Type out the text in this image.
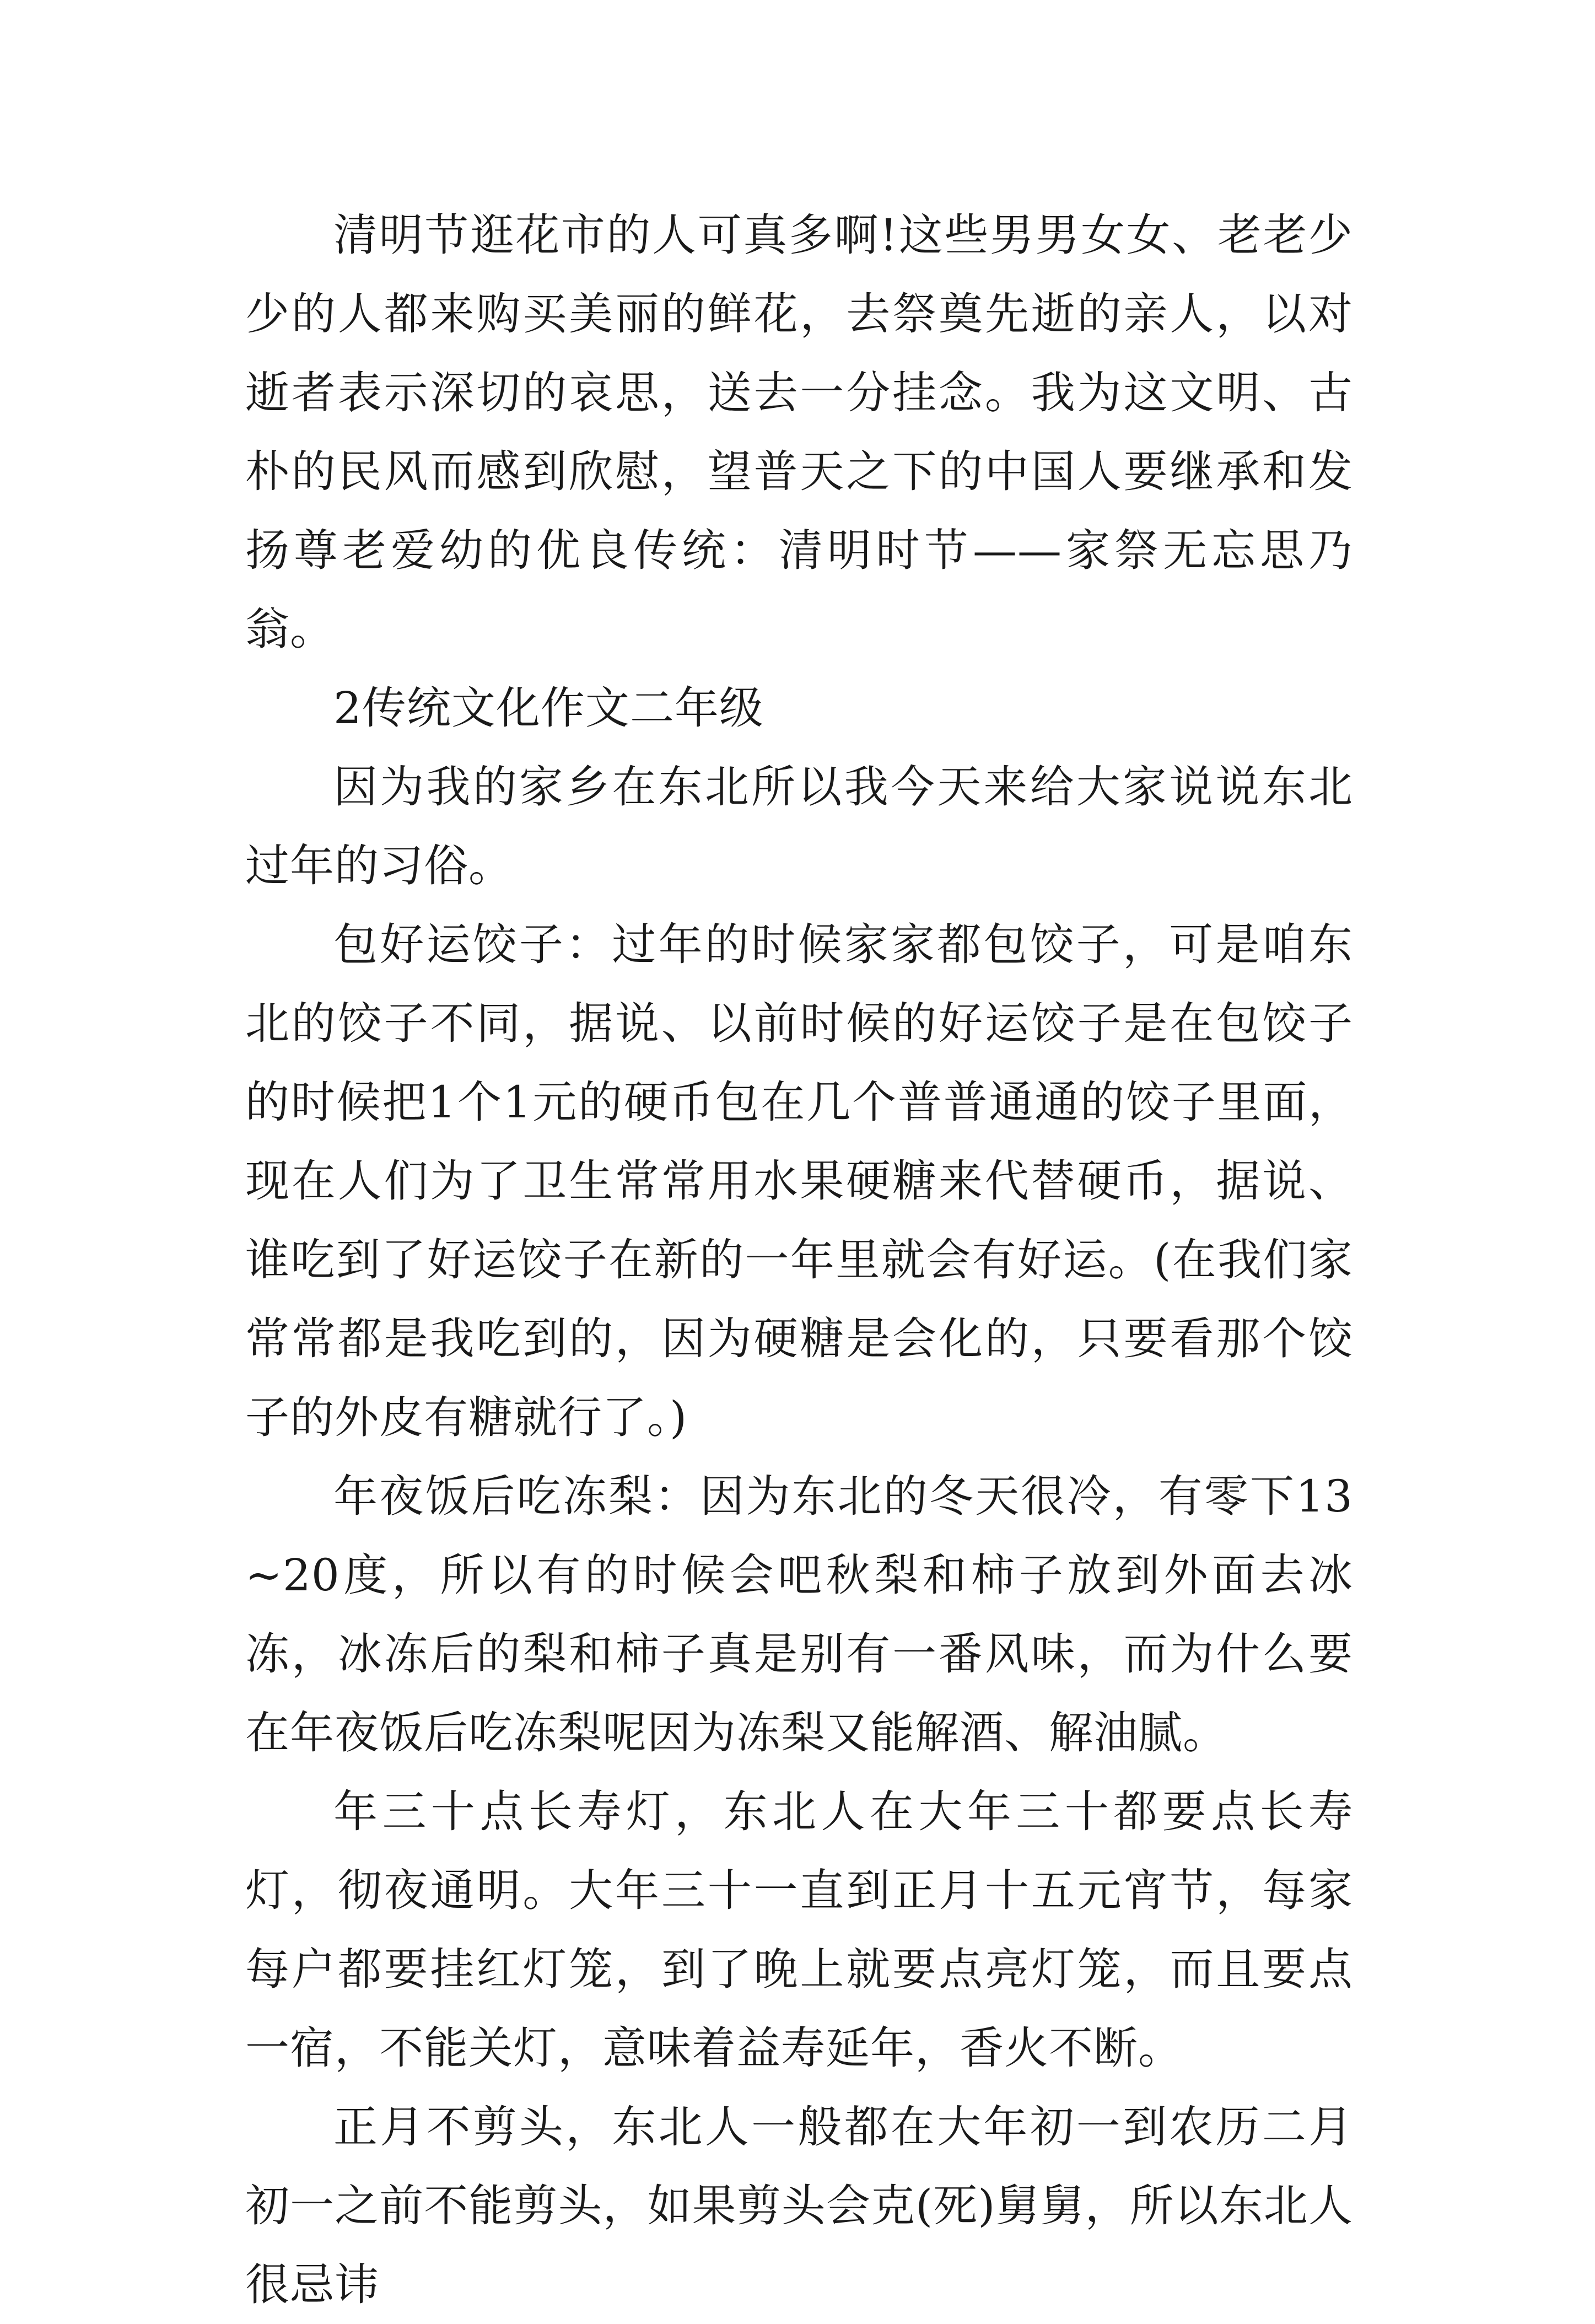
清明节逛花市的人可真多啊!这些男男女女、老老少少的人都来购买美丽的鲜花，去祭奠先逝的亲人，以对逝者表示深切的哀思，送去一分挂念。我为这文明、古朴的民风而感到欣慰，望普天之下的中国人要继承和发扬尊老爱幼的优良传统：清明时节——家祭无忘思乃翁。

2传统文化作文二年级

因为我的家乡在东北所以我今天来给大家说说东北过年的习俗。

包好运饺子：过年的时候家家都包饺子，可是咱东北的饺子不同，据说、以前时候的好运饺子是在包饺子的时候把1个1元的硬币包在几个普普通通的饺子里面，现在人们为了卫生常常用水果硬糖来代替硬币，据说、谁吃到了好运饺子在新的一年里就会有好运。(在我们家常常都是我吃到的，因为硬糖是会化的，只要看那个饺子的外皮有糖就行了。)

年夜饭后吃冻梨：因为东北的冬天很冷，有零下13~20度，所以有的时候会吧秋梨和柿子放到外面去冰冻，冰冻后的梨和柿子真是别有一番风味，而为什么要在年夜饭后吃冻梨呢因为冻梨又能解酒、解油腻。

年三十点长寿灯，东北人在大年三十都要点长寿灯，彻夜通明。大年三十一直到正月十五元宵节，每家每户都要挂红灯笼，到了晚上就要点亮灯笼，而且要点一宿，不能关灯，意味着益寿延年，香火不断。

正月不剪头，东北人一般都在大年初一到农历二月初一之前不能剪头，如果剪头会克(死)舅舅，所以东北人很忌讳
